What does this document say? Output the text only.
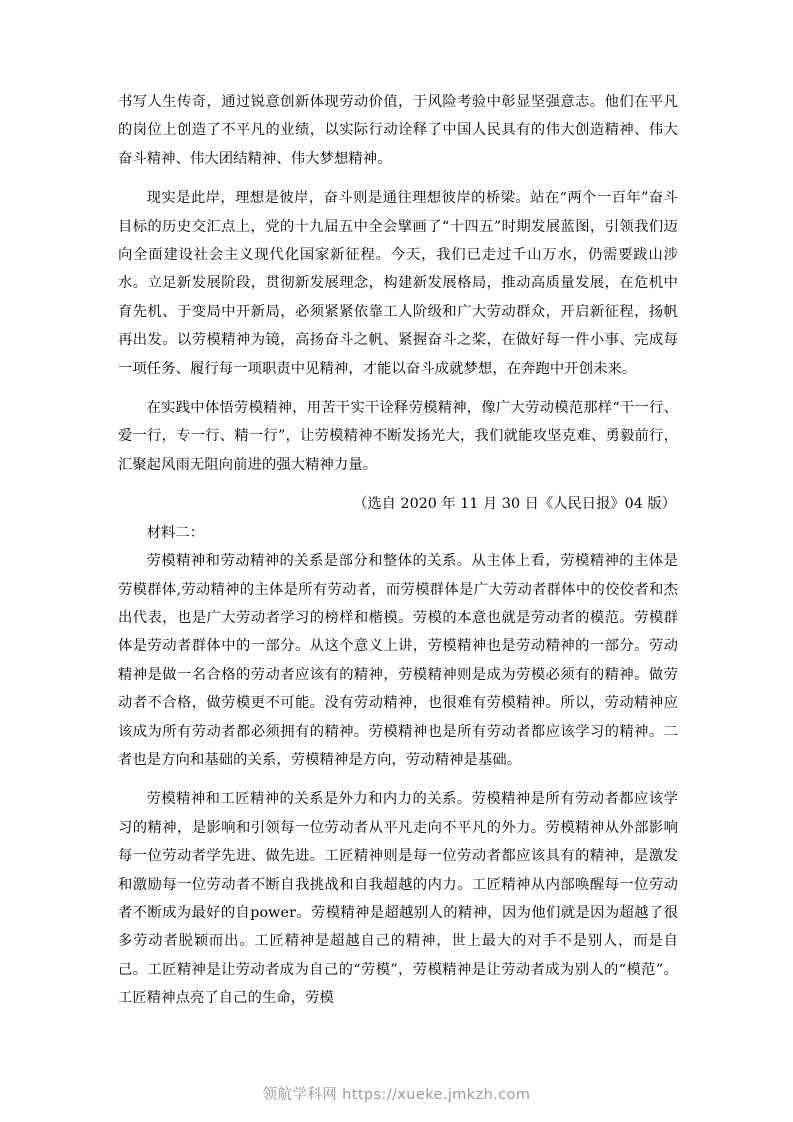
书写人生传奇，通过锐意创新体现劳动价值，于风险考验中彰显坚强意志。他们在平凡的岗位上创造了不平凡的业绩，以实际行动诠释了中国人民具有的伟大创造精神、伟大奋斗精神、伟大团结精神、伟大梦想精神。

现实是此岸，理想是彼岸，奋斗则是通往理想彼岸的桥梁。站在“两个一百年”奋斗目标的历史交汇点上，党的十九届五中全会擘画了“十四五”时期发展蓝图，引领我们迈向全面建设社会主义现代化国家新征程。今天，我们已走过千山万水，仍需要跋山涉水。立足新发展阶段，贯彻新发展理念，构建新发展格局，推动高质量发展，在危机中育先机、于变局中开新局，必须紧紧依靠工人阶级和广大劳动群众，开启新征程，扬帆再出发。以劳模精神为镜，高扬奋斗之帆、紧握奋斗之桨，在做好每一件小事、完成每一项任务、履行每一项职责中见精神，才能以奋斗成就梦想，在奔跑中开创未来。

在实践中体悟劳模精神，用苦干实干诠释劳模精神，像广大劳动模范那样“干一行、爱一行，专一行、精一行”，让劳模精神不断发扬光大，我们就能攻坚克难、勇毅前行，汇聚起风雨无阻向前进的强大精神力量。

（选自 2020 年 11 月 30 日《人民日报》04 版）

材料二：

劳模精神和劳动精神的关系是部分和整体的关系。从主体上看，劳模精神的主体是劳模群体,劳动精神的主体是所有劳动者，而劳模群体是广大劳动者群体中的佼佼者和杰出代表，也是广大劳动者学习的榜样和楷模。劳模的本意也就是劳动者的模范。劳模群体是劳动者群体中的一部分。从这个意义上讲，劳模精神也是劳动精神的一部分。劳动精神是做一名合格的劳动者应该有的精神，劳模精神则是成为劳模必须有的精神。做劳动者不合格，做劳模更不可能。没有劳动精神，也很难有劳模精神。所以，劳动精神应该成为所有劳动者都必须拥有的精神。劳模精神也是所有劳动者都应该学习的精神。二者也是方向和基础的关系，劳模精神是方向，劳动精神是基础。

劳模精神和工匠精神的关系是外力和内力的关系。劳模精神是所有劳动者都应该学习的精神，是影响和引领每一位劳动者从平凡走向不平凡的外力。劳模精神从外部影响每一位劳动者学先进、做先进。工匠精神则是每一位劳动者都应该具有的精神，是激发和激励每一位劳动者不断自我挑战和自我超越的内力。工匠精神从内部唤醒每一位劳动者不断成为最好的自power。劳模精神是超越别人的精神，因为他们就是因为超越了很多劳动者脱颖而出。工匠精神是超越自己的精神，世上最大的对手不是别人，而是自己。工匠精神是让劳动者成为自己的“劳模”，劳模精神是让劳动者成为别人的“模范”。工匠精神点亮了自己的生命，劳模

领航学科网 https://xueke.jmkzh.com
